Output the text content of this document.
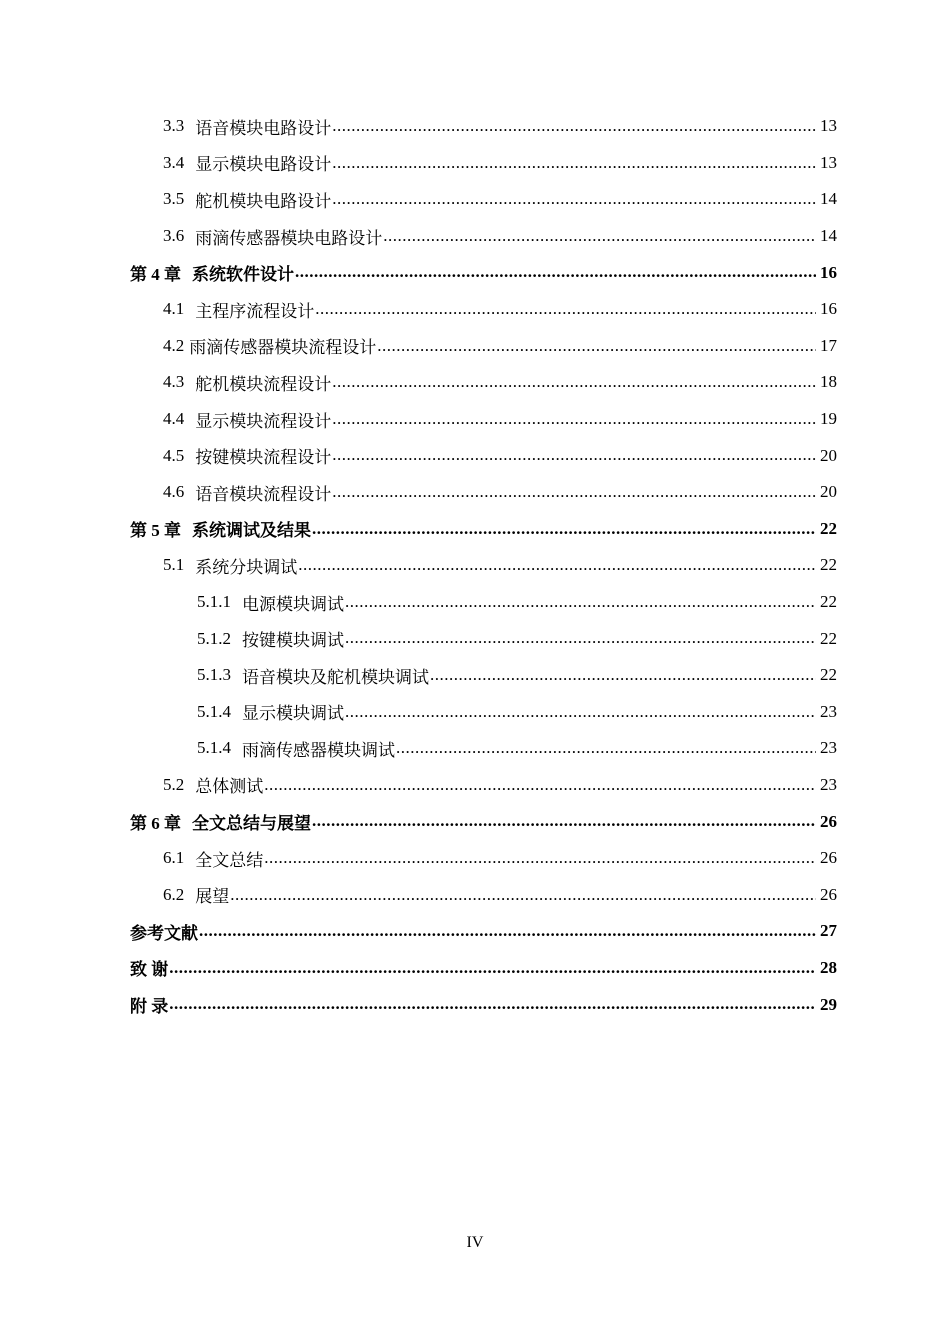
3.3 语音模块电路设计 .....	13
3.4 显示模块电路设计 .....	13
3.5 舵机模块电路设计 .....	14
3.6 雨滴传感器模块电路设计 .....	14
第 4 章 系统软件设计 .....	16
4.1 主程序流程设计 .....	16
4.2 雨滴传感器模块流程设计 .....	17
4.3 舵机模块流程设计 .....	18
4.4 显示模块流程设计 .....	19
4.5 按键模块流程设计 .....	20
4.6 语音模块流程设计 .....	20
第 5 章 系统调试及结果 .....	22
5.1 系统分块调试 .....	22
5.1.1 电源模块调试 .....	22
5.1.2 按键模块调试 .....	22
5.1.3 语音模块及舵机模块调试 .....	22
5.1.4 显示模块调试 .....	23
5.1.4 雨滴传感器模块调试 .....	23
5.2 总体测试 .....	23
第 6 章 全文总结与展望 .....	26
6.1 全文总结 .....	26
6.2 展望 .....	26
参考文献 .....	27
致 谢 .....	28
附 录 .....	29
IV
